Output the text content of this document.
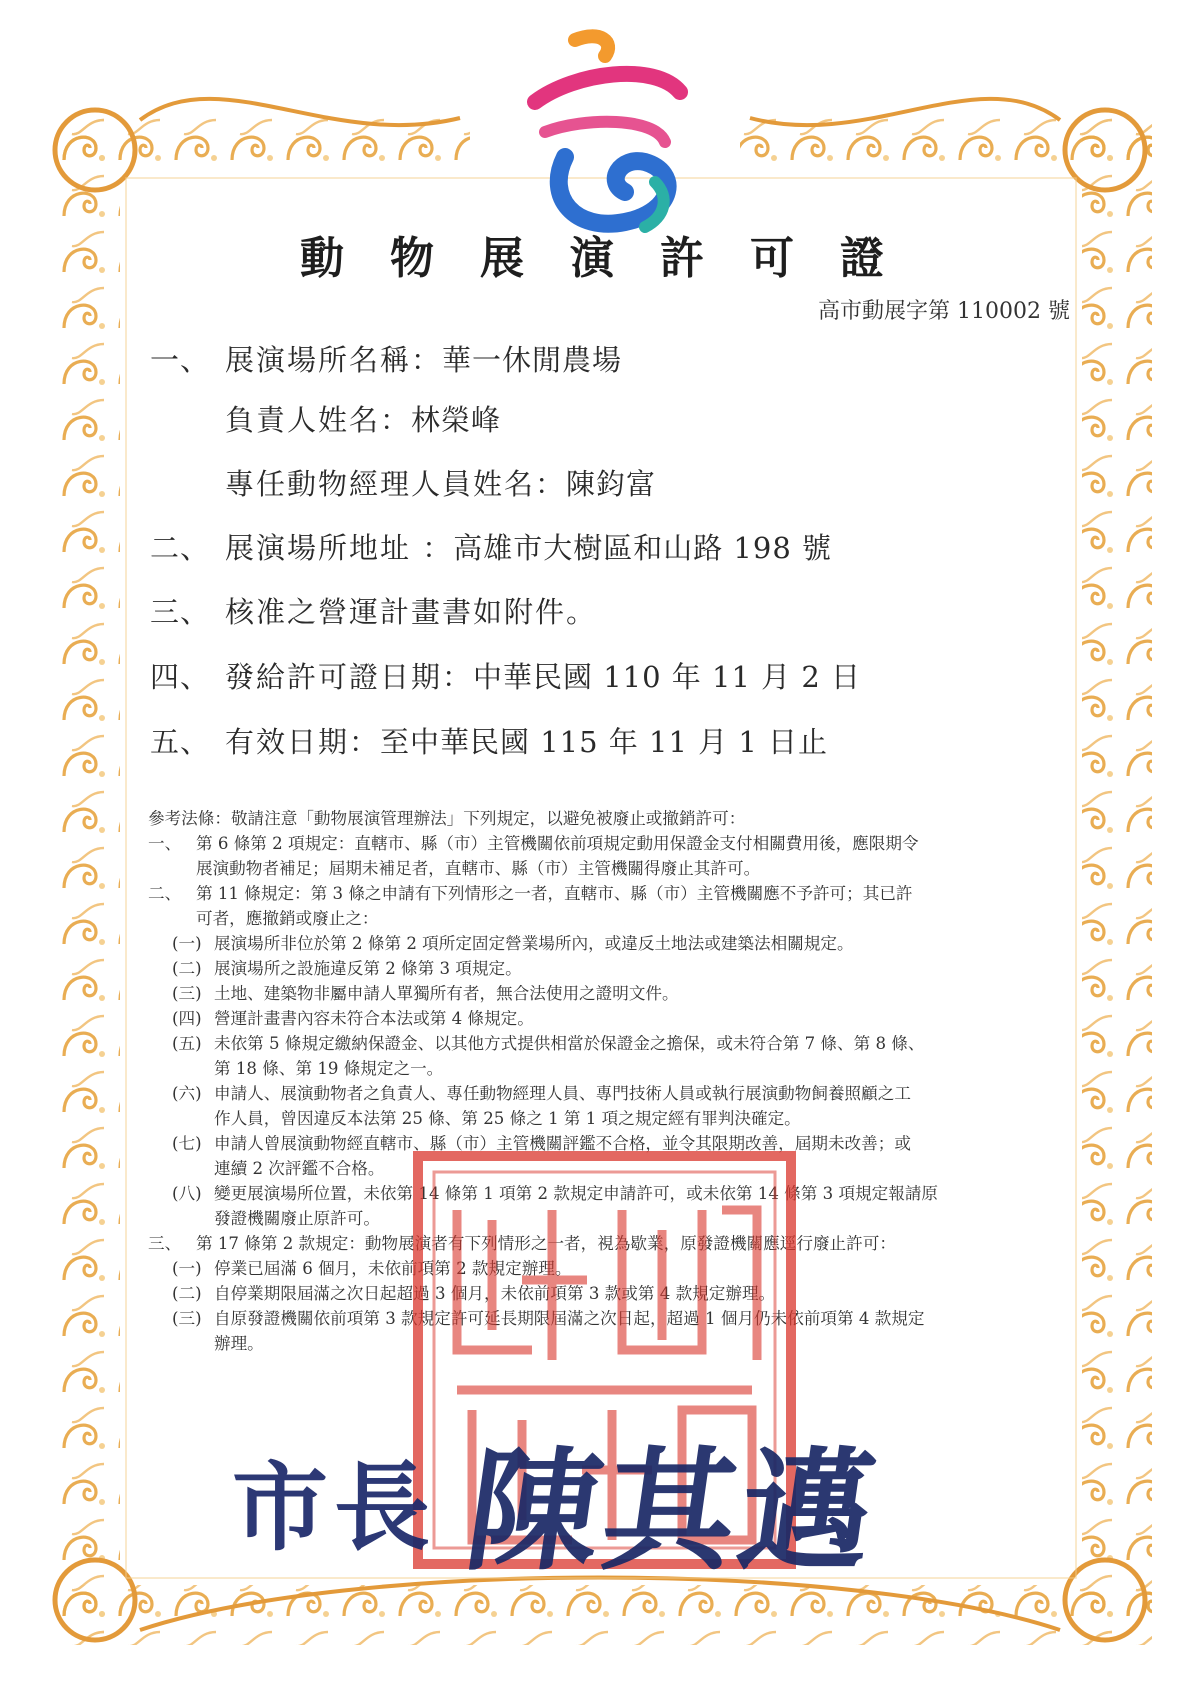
動物展演許可證
高市動展字第 110002 號
一、 展演場所名稱：華一休閒農場
負責人姓名：林榮峰
專任動物經理人員姓名：陳鈞富
二、 展演場所地址 ：高雄市大樹區和山路 198 號
三、 核准之營運計畫書如附件。
四、 發給許可證日期：中華民國 110 年 11 月 2 日
五、 有效日期：至中華民國 115 年 11 月 1 日止
參考法條：敬請注意「動物展演管理辦法」下列規定，以避免被廢止或撤銷許可：
一、 第 6 條第 2 項規定：直轄市、縣（市）主管機關依前項規定動用保證金支付相關費用後，應限期令
展演動物者補足；屆期未補足者，直轄市、縣（市）主管機關得廢止其許可。
二、 第 11 條規定：第 3 條之申請有下列情形之一者，直轄市、縣（市）主管機關應不予許可；其已許
可者，應撤銷或廢止之：
(一) 展演場所非位於第 2 條第 2 項所定固定營業場所內，或違反土地法或建築法相關規定。
(二) 展演場所之設施違反第 2 條第 3 項規定。
(三) 土地、建築物非屬申請人單獨所有者，無合法使用之證明文件。
(四) 營運計畫書內容未符合本法或第 4 條規定。
(五) 未依第 5 條規定繳納保證金、以其他方式提供相當於保證金之擔保，或未符合第 7 條、第 8 條、
第 18 條、第 19 條規定之一。
(六) 申請人、展演動物者之負責人、專任動物經理人員、專門技術人員或執行展演動物飼養照顧之工
作人員，曾因違反本法第 25 條、第 25 條之 1 第 1 項之規定經有罪判決確定。
(七) 申請人曾展演動物經直轄市、縣（市）主管機關評鑑不合格，並令其限期改善，屆期未改善；或
連續 2 次評鑑不合格。
(八) 變更展演場所位置，未依第 14 條第 1 項第 2 款規定申請許可，或未依第 14 條第 3 項規定報請原
發證機關廢止原許可。
三、 第 17 條第 2 款規定：動物展演者有下列情形之一者，視為歇業，原發證機關應逕行廢止許可：
(一) 停業已屆滿 6 個月，未依前項第 2 款規定辦理。
(二) 自停業期限屆滿之次日起超過 3 個月，未依前項第 3 款或第 4 款規定辦理。
(三) 自原發證機關依前項第 3 款規定許可延長期限屆滿之次日起，超過 1 個月仍未依前項第 4 款規定
辦理。
市長 陳其邁
